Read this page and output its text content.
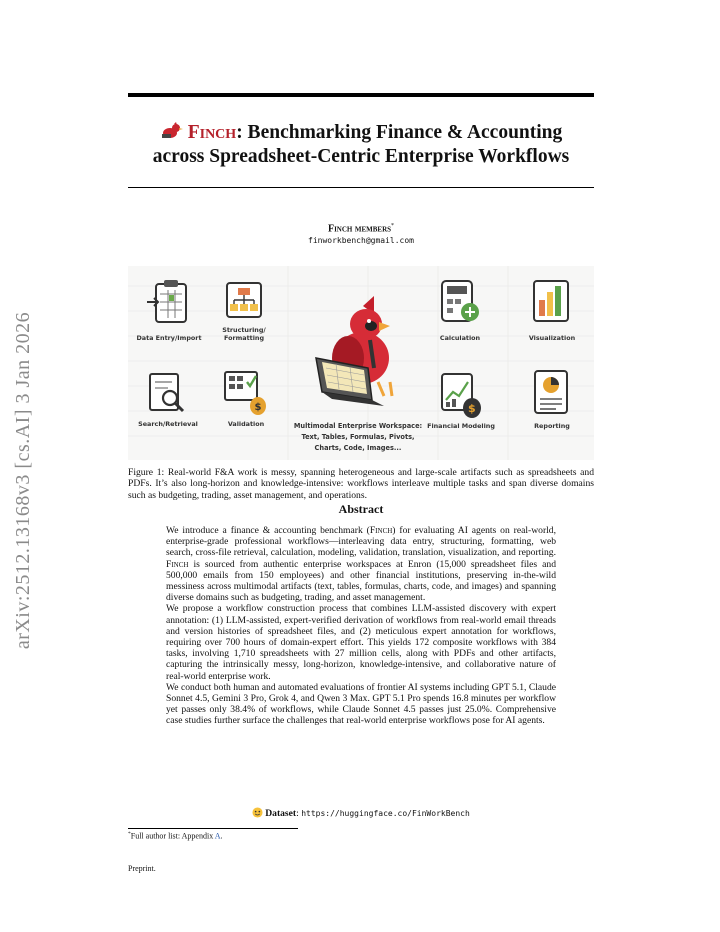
arXiv:2512.13168v3 [cs.AI] 3 Jan 2026
Finch: Benchmarking Finance & Accounting
across Spreadsheet-Centric Enterprise Workflows
Finch members*
finworkbench@gmail.com
Data Entry/Import
Structuring/
Formatting	Calculation	Visualization
Search/Retrieval
$
Validation	Multimodal Enterprise Workspace:
Text, Tables, Formulas, Pivots,
Charts, Code, Images...
$
Financial Modeling	Reporting
Figure 1: Real-world F&A work is messy, spanning heterogeneous and large-scale artifacts such as spreadsheets and PDFs. It’s also long-horizon and knowledge-intensive: workflows interleave multiple tasks and span diverse domains such as budgeting, trading, asset management, and operations.
Abstract

We introduce a finance & accounting benchmark (Finch) for evaluating AI agents on real-world, enterprise-grade professional workflows—interleaving data entry, structuring, formatting, web search, cross-file retrieval, calculation, modeling, validation, translation, visualization, and reporting. Finch is sourced from authentic enterprise workspaces at Enron (15,000 spreadsheet files and 500,000 emails from 150 employees) and other financial institutions, preserving in-the-wild messiness across multimodal artifacts (text, tables, formulas, charts, code, and images) and spanning diverse domains such as budgeting, trading, and asset management.

We propose a workflow construction process that combines LLM-assisted discovery with expert annotation: (1) LLM-assisted, expert-verified derivation of workflows from real-world email threads and version histories of spreadsheet files, and (2) meticulous expert annotation for workflows, requiring over 700 hours of domain-expert effort. This yields 172 composite workflows with 384 tasks, involving 1,710 spreadsheets with 27 million cells, along with PDFs and other artifacts, capturing the intrinsically messy, long-horizon, knowledge-intensive, and collaborative nature of real-world enterprise work.

We conduct both human and automated evaluations of frontier AI systems including GPT 5.1, Claude Sonnet 4.5, Gemini 3 Pro, Grok 4, and Qwen 3 Max. GPT 5.1 Pro spends 16.8 minutes per workflow yet passes only 38.4% of workflows, while Claude Sonnet 4.5 passes just 25.0%. Comprehensive case studies further surface the challenges that real-world enterprise workflows pose for AI agents.

Dataset: https://huggingface.co/FinWorkBench
*Full author list: Appendix A.
Preprint.
